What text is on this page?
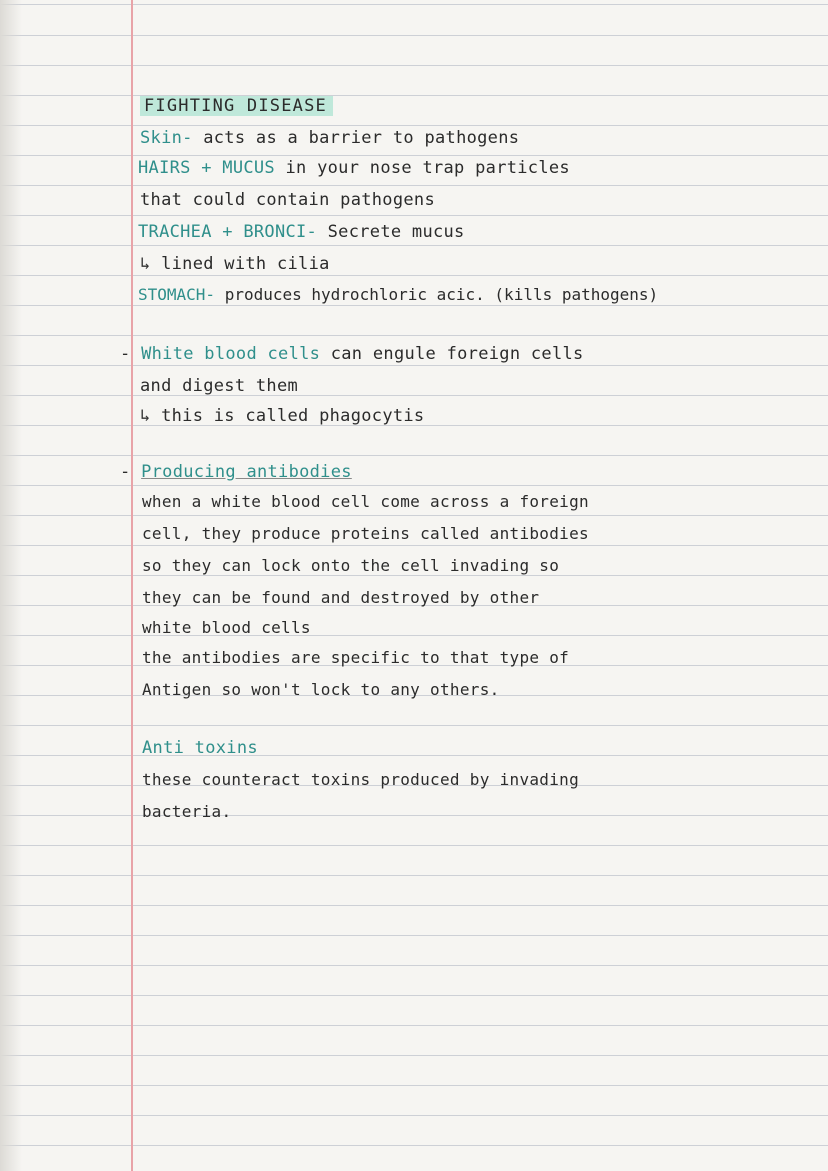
FIGHTING DISEASE
Skin- acts as a barrier to pathogens
HAIRS + MUCUS in your nose trap particles
that could contain pathogens
TRACHEA + BRONCI- Secrete mucus
↳ lined with cilia
STOMACH- produces hydrochloric acic. (kills pathogens)
- White blood cells can engule foreign cells
and digest them
↳ this is called phagocytis
- Producing antibodies
when a white blood cell come across a foreign
cell, they produce proteins called antibodies
so they can lock onto the cell invading so
they can be found and destroyed by other
white blood cells
the antibodies are specific to that type of
Antigen so won't lock to any others.
Anti toxins
these counteract toxins produced by invading
bacteria.
